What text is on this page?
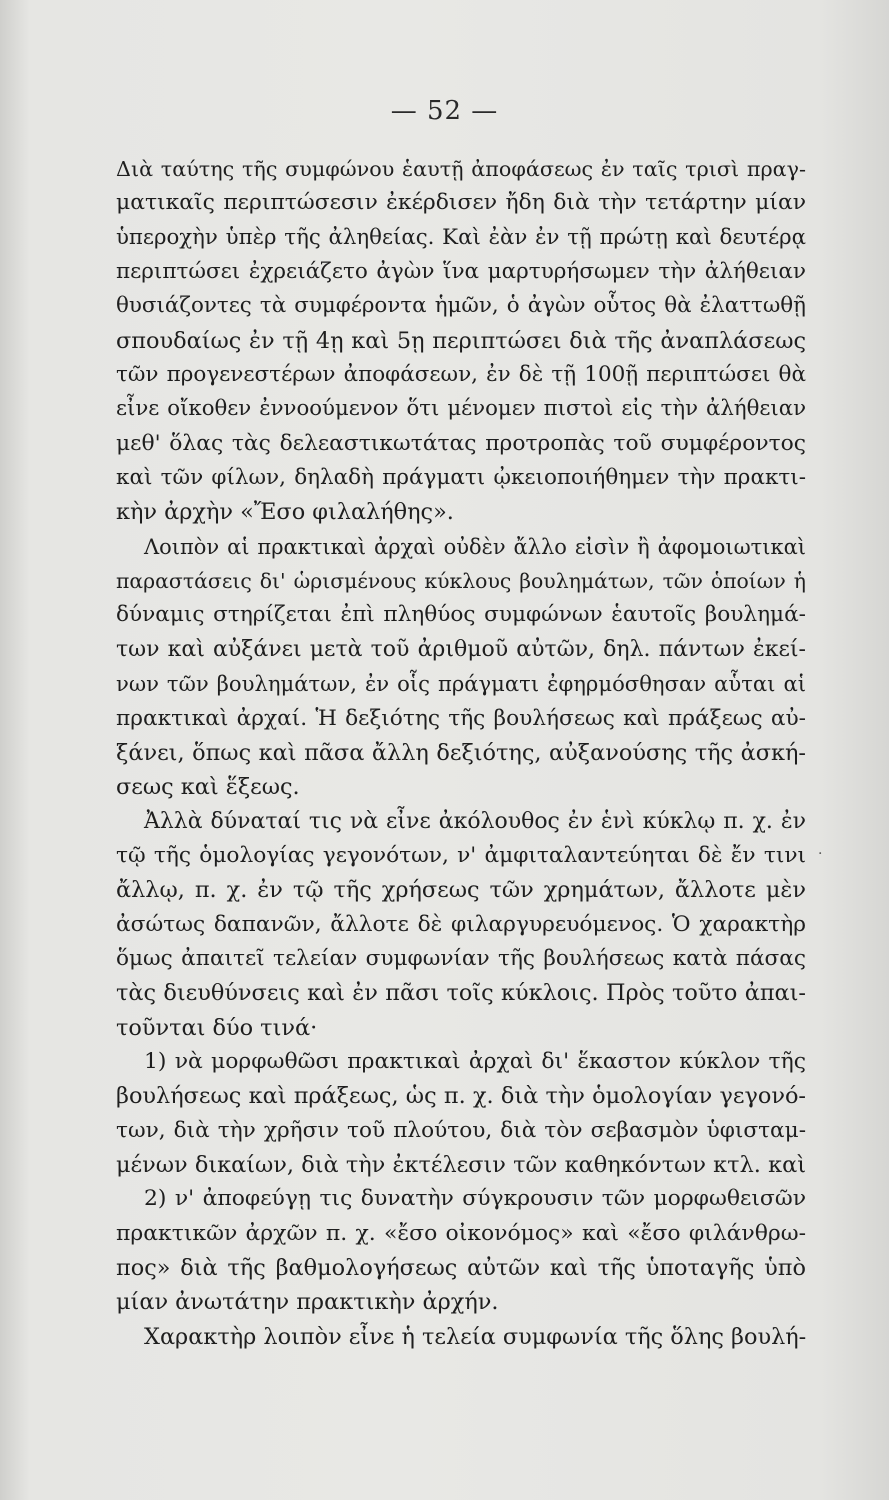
— 52 —
Διὰ ταύτης τῆς συμφώνου ἑαυτῇ ἀποφάσεως ἐν ταῖς τρισὶ πραγ-
ματικαῖς περιπτώσεσιν ἐκέρδισεν ἤδη διὰ τὴν τετάρτην μίαν
ὑπεροχὴν ὑπὲρ τῆς ἀληθείας. Καὶ ἐὰν ἐν τῇ πρώτῃ καὶ δευτέρᾳ
περιπτώσει ἐχρειάζετο ἀγὼν ἵνα μαρτυρήσωμεν τὴν ἀλήθειαν
θυσιάζοντες τὰ συμφέροντα ἡμῶν, ὁ ἀγὼν οὗτος θὰ ἐλαττωθῇ
σπουδαίως ἐν τῇ 4ῃ καὶ 5ῃ περιπτώσει διὰ τῆς ἀναπλάσεως
τῶν προγενεστέρων ἀποφάσεων, ἐν δὲ τῇ 100ῇ περιπτώσει θὰ
εἶνε οἴκοθεν ἐννοούμενον ὅτι μένομεν πιστοὶ εἰς τὴν ἀλήθειαν
μεθ' ὅλας τὰς δελεαστικωτάτας προτροπὰς τοῦ συμφέροντος
καὶ τῶν φίλων, δηλαδὴ πράγματι ᾠκειοποιήθημεν τὴν πρακτι-
κὴν ἀρχὴν «Ἔσο φιλαλήθης».
Λοιπὸν αἱ πρακτικαὶ ἀρχαὶ οὐδὲν ἄλλο εἰσὶν ἢ ἀφομοιωτικαὶ
παραστάσεις δι' ὡρισμένους κύκλους βουλημάτων, τῶν ὁποίων ἡ
δύναμις στηρίζεται ἐπὶ πληθύος συμφώνων ἑαυτοῖς βουλημά-
των καὶ αὐξάνει μετὰ τοῦ ἀριθμοῦ αὐτῶν, δηλ. πάντων ἐκεί-
νων τῶν βουλημάτων, ἐν οἷς πράγματι ἐφηρμόσθησαν αὗται αἱ
πρακτικαὶ ἀρχαί. Ἡ δεξιότης τῆς βουλήσεως καὶ πράξεως αὐ-
ξάνει, ὅπως καὶ πᾶσα ἄλλη δεξιότης, αὐξανούσης τῆς ἀσκή-
σεως καὶ ἕξεως.
Ἀλλὰ δύναταί τις νὰ εἶνε ἀκόλουθος ἐν ἑνὶ κύκλῳ π. χ. ἐν
τῷ τῆς ὁμολογίας γεγονότων, ν' ἀμφιταλαντεύηται δὲ ἔν τινι
ἄλλῳ, π. χ. ἐν τῷ τῆς χρήσεως τῶν χρημάτων, ἄλλοτε μὲν
ἀσώτως δαπανῶν, ἄλλοτε δὲ φιλαργυρευόμενος. Ὁ χαρακτὴρ
ὅμως ἀπαιτεῖ τελείαν συμφωνίαν τῆς βουλήσεως κατὰ πάσας
τὰς διευθύνσεις καὶ ἐν πᾶσι τοῖς κύκλοις. Πρὸς τοῦτο ἀπαι-
τοῦνται δύο τινά·
1) νὰ μορφωθῶσι πρακτικαὶ ἀρχαὶ δι' ἕκαστον κύκλον τῆς
βουλήσεως καὶ πράξεως, ὡς π. χ. διὰ τὴν ὁμολογίαν γεγονό-
των, διὰ τὴν χρῆσιν τοῦ πλούτου, διὰ τὸν σεβασμὸν ὑφισταμ-
μένων δικαίων, διὰ τὴν ἐκτέλεσιν τῶν καθηκόντων κτλ. καὶ
2) ν' ἀποφεύγῃ τις δυνατὴν σύγκρουσιν τῶν μορφωθεισῶν
πρακτικῶν ἀρχῶν π. χ. «ἔσο οἰκονόμος» καὶ «ἔσο φιλάνθρω-
πος» διὰ τῆς βαθμολογήσεως αὐτῶν καὶ τῆς ὑποταγῆς ὑπὸ
μίαν ἀνωτάτην πρακτικὴν ἀρχήν.
Χαρακτὴρ λοιπὸν εἶνε ἡ τελεία συμφωνία τῆς ὅλης βουλή-
·
